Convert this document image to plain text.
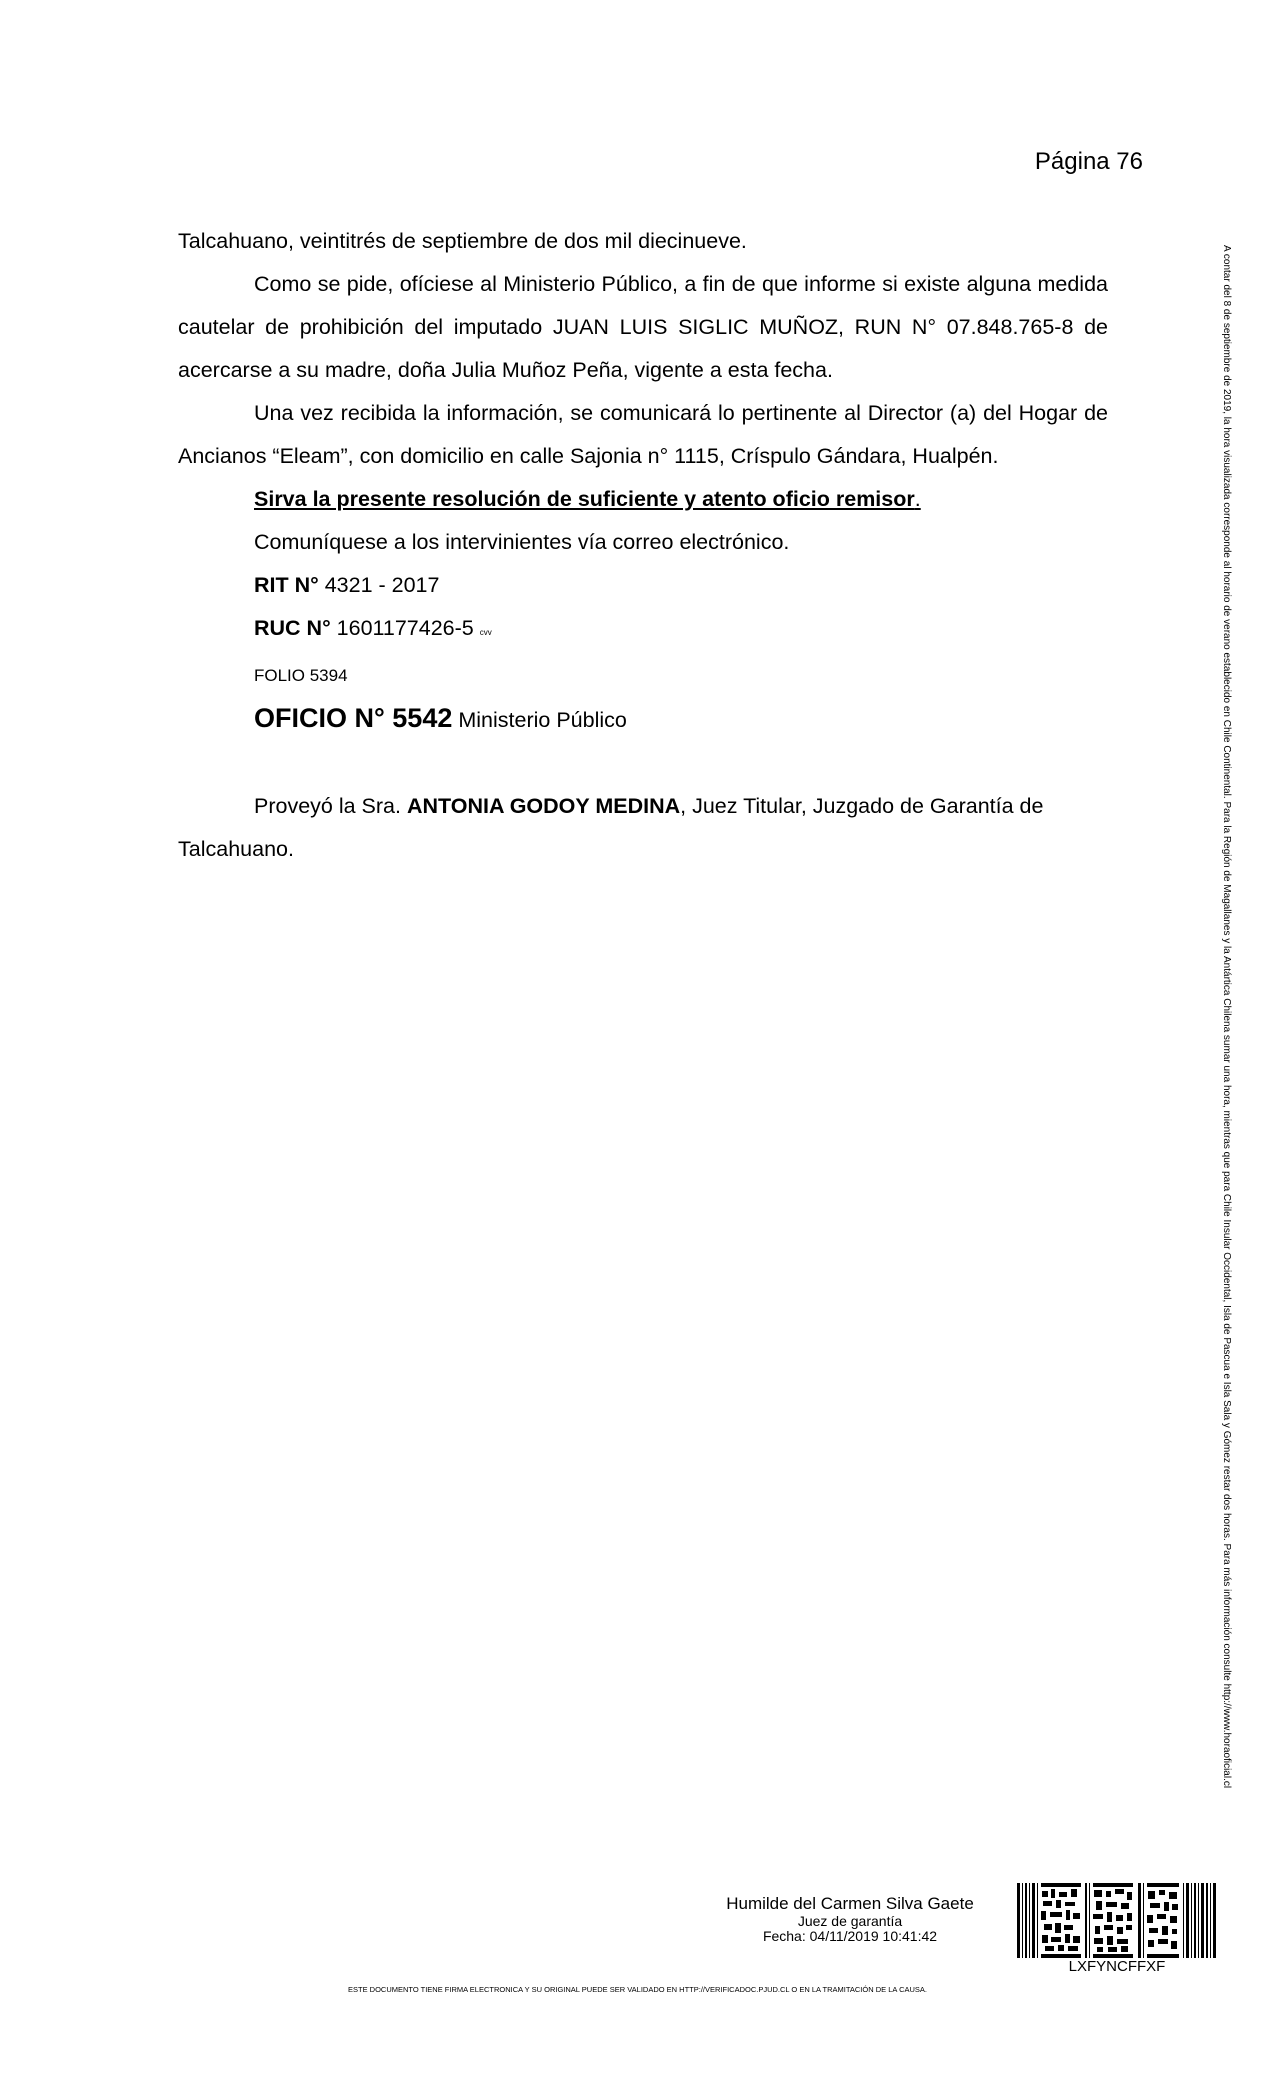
Página 76

Talcahuano, veintitrés de septiembre de dos mil diecinueve.

Como se pide, ofíciese al Ministerio Público, a fin de que informe si existe alguna medida cautelar de prohibición del imputado JUAN LUIS SIGLIC MUÑOZ, RUN N° 07.848.765-8 de acercarse a su madre, doña Julia Muñoz Peña, vigente a esta fecha.

Una vez recibida la información, se comunicará lo pertinente al Director (a) del Hogar de Ancianos “Eleam”, con domicilio en calle Sajonia n° 1115, Críspulo Gándara, Hualpén.

Sirva la presente resolución de suficiente y atento oficio remisor.

Comuníquese a los intervinientes vía correo electrónico.

RIT N° 4321 - 2017

RUC N° 1601177426-5 cvv

FOLIO 5394

OFICIO N° 5542 Ministerio Público

Proveyó la Sra. ANTONIA GODOY MEDINA, Juez Titular, Juzgado de Garantía de Talcahuano.	A contar del 8 de septiembre de 2019, la hora visualizada corresponde al horario de verano establecido en Chile Continental. Para la Región de Magallanes y la Antártica Chilena sumar una hora, mientras que para Chile Insular Occidental, Isla de Pascua e Isla Sala y Gómez restar dos horas. Para más información consulte http://www.horaoficial.cl
Humilde del Carmen Silva Gaete
Juez de garantía
Fecha: 04/11/2019 10:41:42
LXFYNCFFXF
ESTE DOCUMENTO TIENE FIRMA ELECTRONICA Y SU ORIGINAL PUEDE SER VALIDADO EN HTTP://VERIFICADOC.PJUD.CL O EN LA TRAMITACIÓN DE LA CAUSA.
